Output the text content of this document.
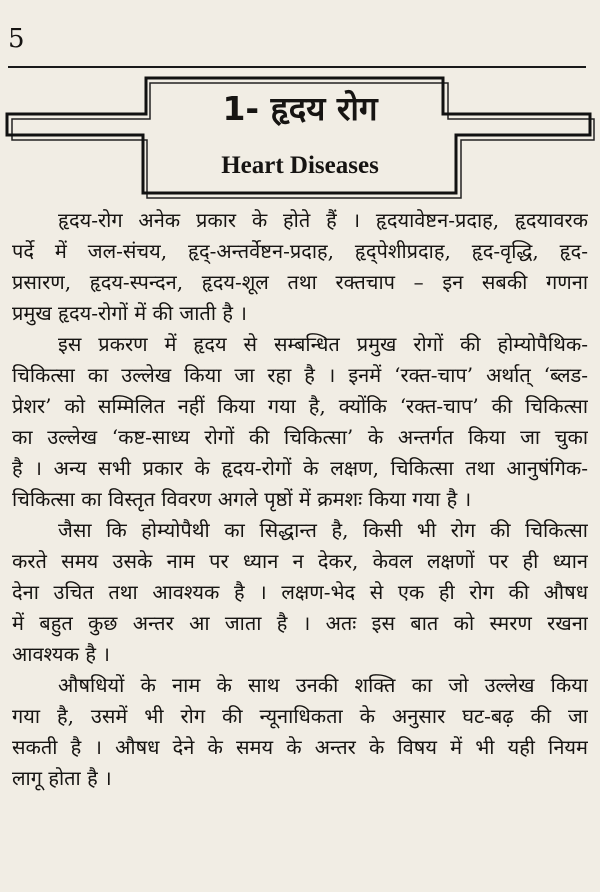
5
1- हृदय रोग
Heart Diseases
हृदय-रोग अनेक प्रकार के होते हैं । हृदयावेष्टन-प्रदाह, हृदयावरक
पर्दे में जल-संचय, हृद्-अन्तर्वेष्टन-प्रदाह, हृद्पेशीप्रदाह, हृद-वृद्धि, हृद-
प्रसारण, हृदय-स्पन्दन, हृदय-शूल तथा रक्तचाप – इन सबकी गणना
प्रमुख हृदय-रोगों में की जाती है ।
इस प्रकरण में हृदय से सम्बन्धित प्रमुख रोगों की होम्योपैथिक-
चिकित्सा का उल्लेख किया जा रहा है । इनमें ‘रक्त-चाप’ अर्थात् ‘ब्लड-
प्रेशर’ को सम्मिलित नहीं किया गया है, क्योंकि ‘रक्त-चाप’ की चिकित्सा
का उल्लेख ‘कष्ट-साध्य रोगों की चिकित्सा’ के अन्तर्गत किया जा चुका
है । अन्य सभी प्रकार के हृदय-रोगों के लक्षण, चिकित्सा तथा आनुषंगिक-
चिकित्सा का विस्तृत विवरण अगले पृष्ठों में क्रमशः किया गया है ।
जैसा कि होम्योपैथी का सिद्धान्त है, किसी भी रोग की चिकित्सा
करते समय उसके नाम पर ध्यान न देकर, केवल लक्षणों पर ही ध्यान
देना उचित तथा आवश्यक है । लक्षण-भेद से एक ही रोग की औषध
में बहुत कुछ अन्तर आ जाता है । अतः इस बात को स्मरण रखना
आवश्यक है ।
औषधियों के नाम के साथ उनकी शक्ति का जो उल्लेख किया
गया है, उसमें भी रोग की न्यूनाधिकता के अनुसार घट-बढ़ की जा
सकती है । औषध देने के समय के अन्तर के विषय में भी यही नियम
लागू होता है ।
